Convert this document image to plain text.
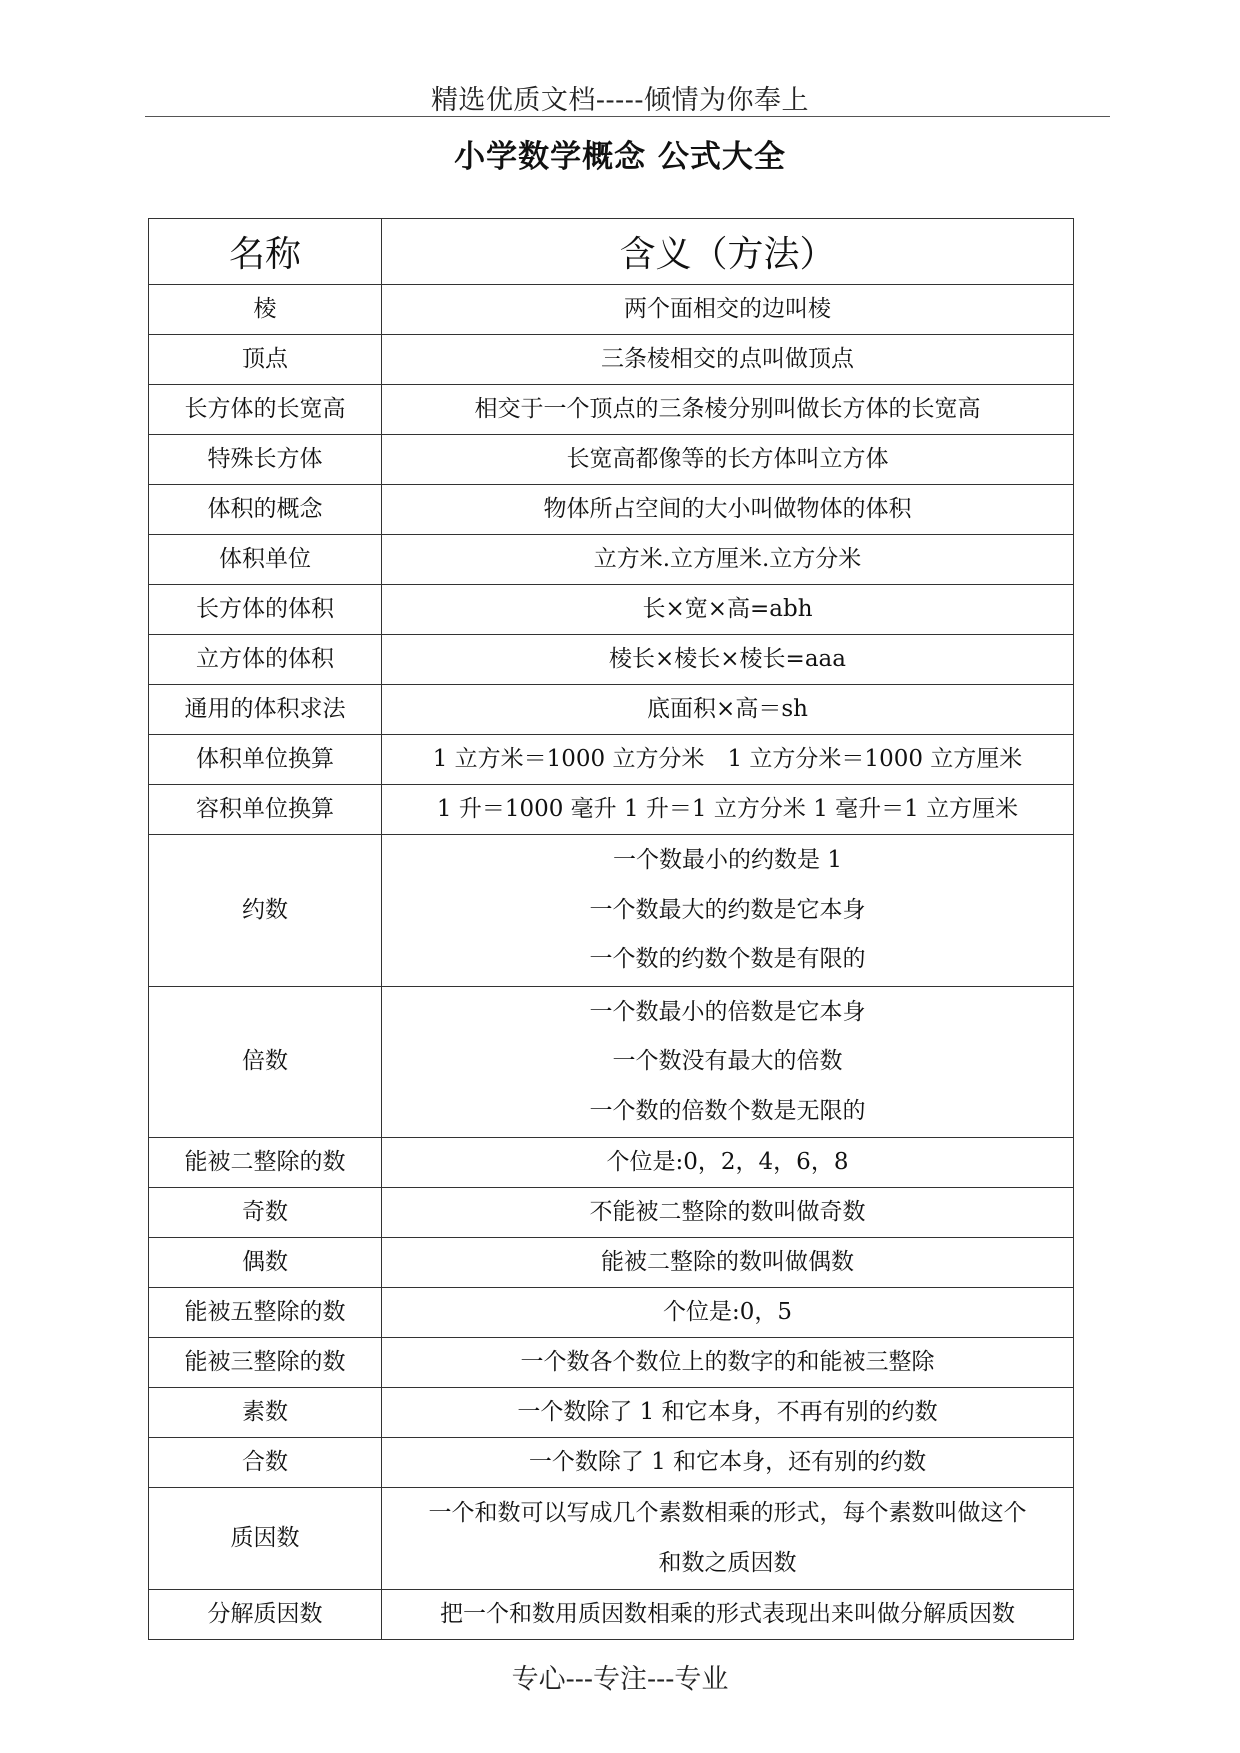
精选优质文档-----倾情为你奉上
小学数学概念 公式大全
名称	含义（方法）
棱	两个面相交的边叫棱

顶点	三条棱相交的点叫做顶点

长方体的长宽高	相交于一个顶点的三条棱分别叫做长方体的长宽高

特殊长方体	长宽高都像等的长方体叫立方体

体积的概念	物体所占空间的大小叫做物体的体积

体积单位	立方米.立方厘米.立方分米

长方体的体积	长×宽×高=abh

立方体的体积	棱长×棱长×棱长=aaa

通用的体积求法	底面积×高＝sh

体积单位换算	1 立方米＝1000 立方分米　1 立方分米＝1000 立方厘米

容积单位换算	1 升＝1000 毫升 1 升＝1 立方分米 1 毫升＝1 立方厘米

约数	一个数最小的约数是 1
一个数最大的约数是它本身
一个数的约数个数是有限的

倍数	一个数最小的倍数是它本身
一个数没有最大的倍数
一个数的倍数个数是无限的

能被二整除的数	个位是:0，2，4，6，8

奇数	不能被二整除的数叫做奇数

偶数	能被二整除的数叫做偶数

能被五整除的数	个位是:0，5

能被三整除的数	一个数各个数位上的数字的和能被三整除

素数	一个数除了 1 和它本身，不再有别的约数

合数	一个数除了 1 和它本身，还有别的约数

质因数	一个和数可以写成几个素数相乘的形式，每个素数叫做这个
和数之质因数

分解质因数	把一个和数用质因数相乘的形式表现出来叫做分解质因数
专心---专注---专业
